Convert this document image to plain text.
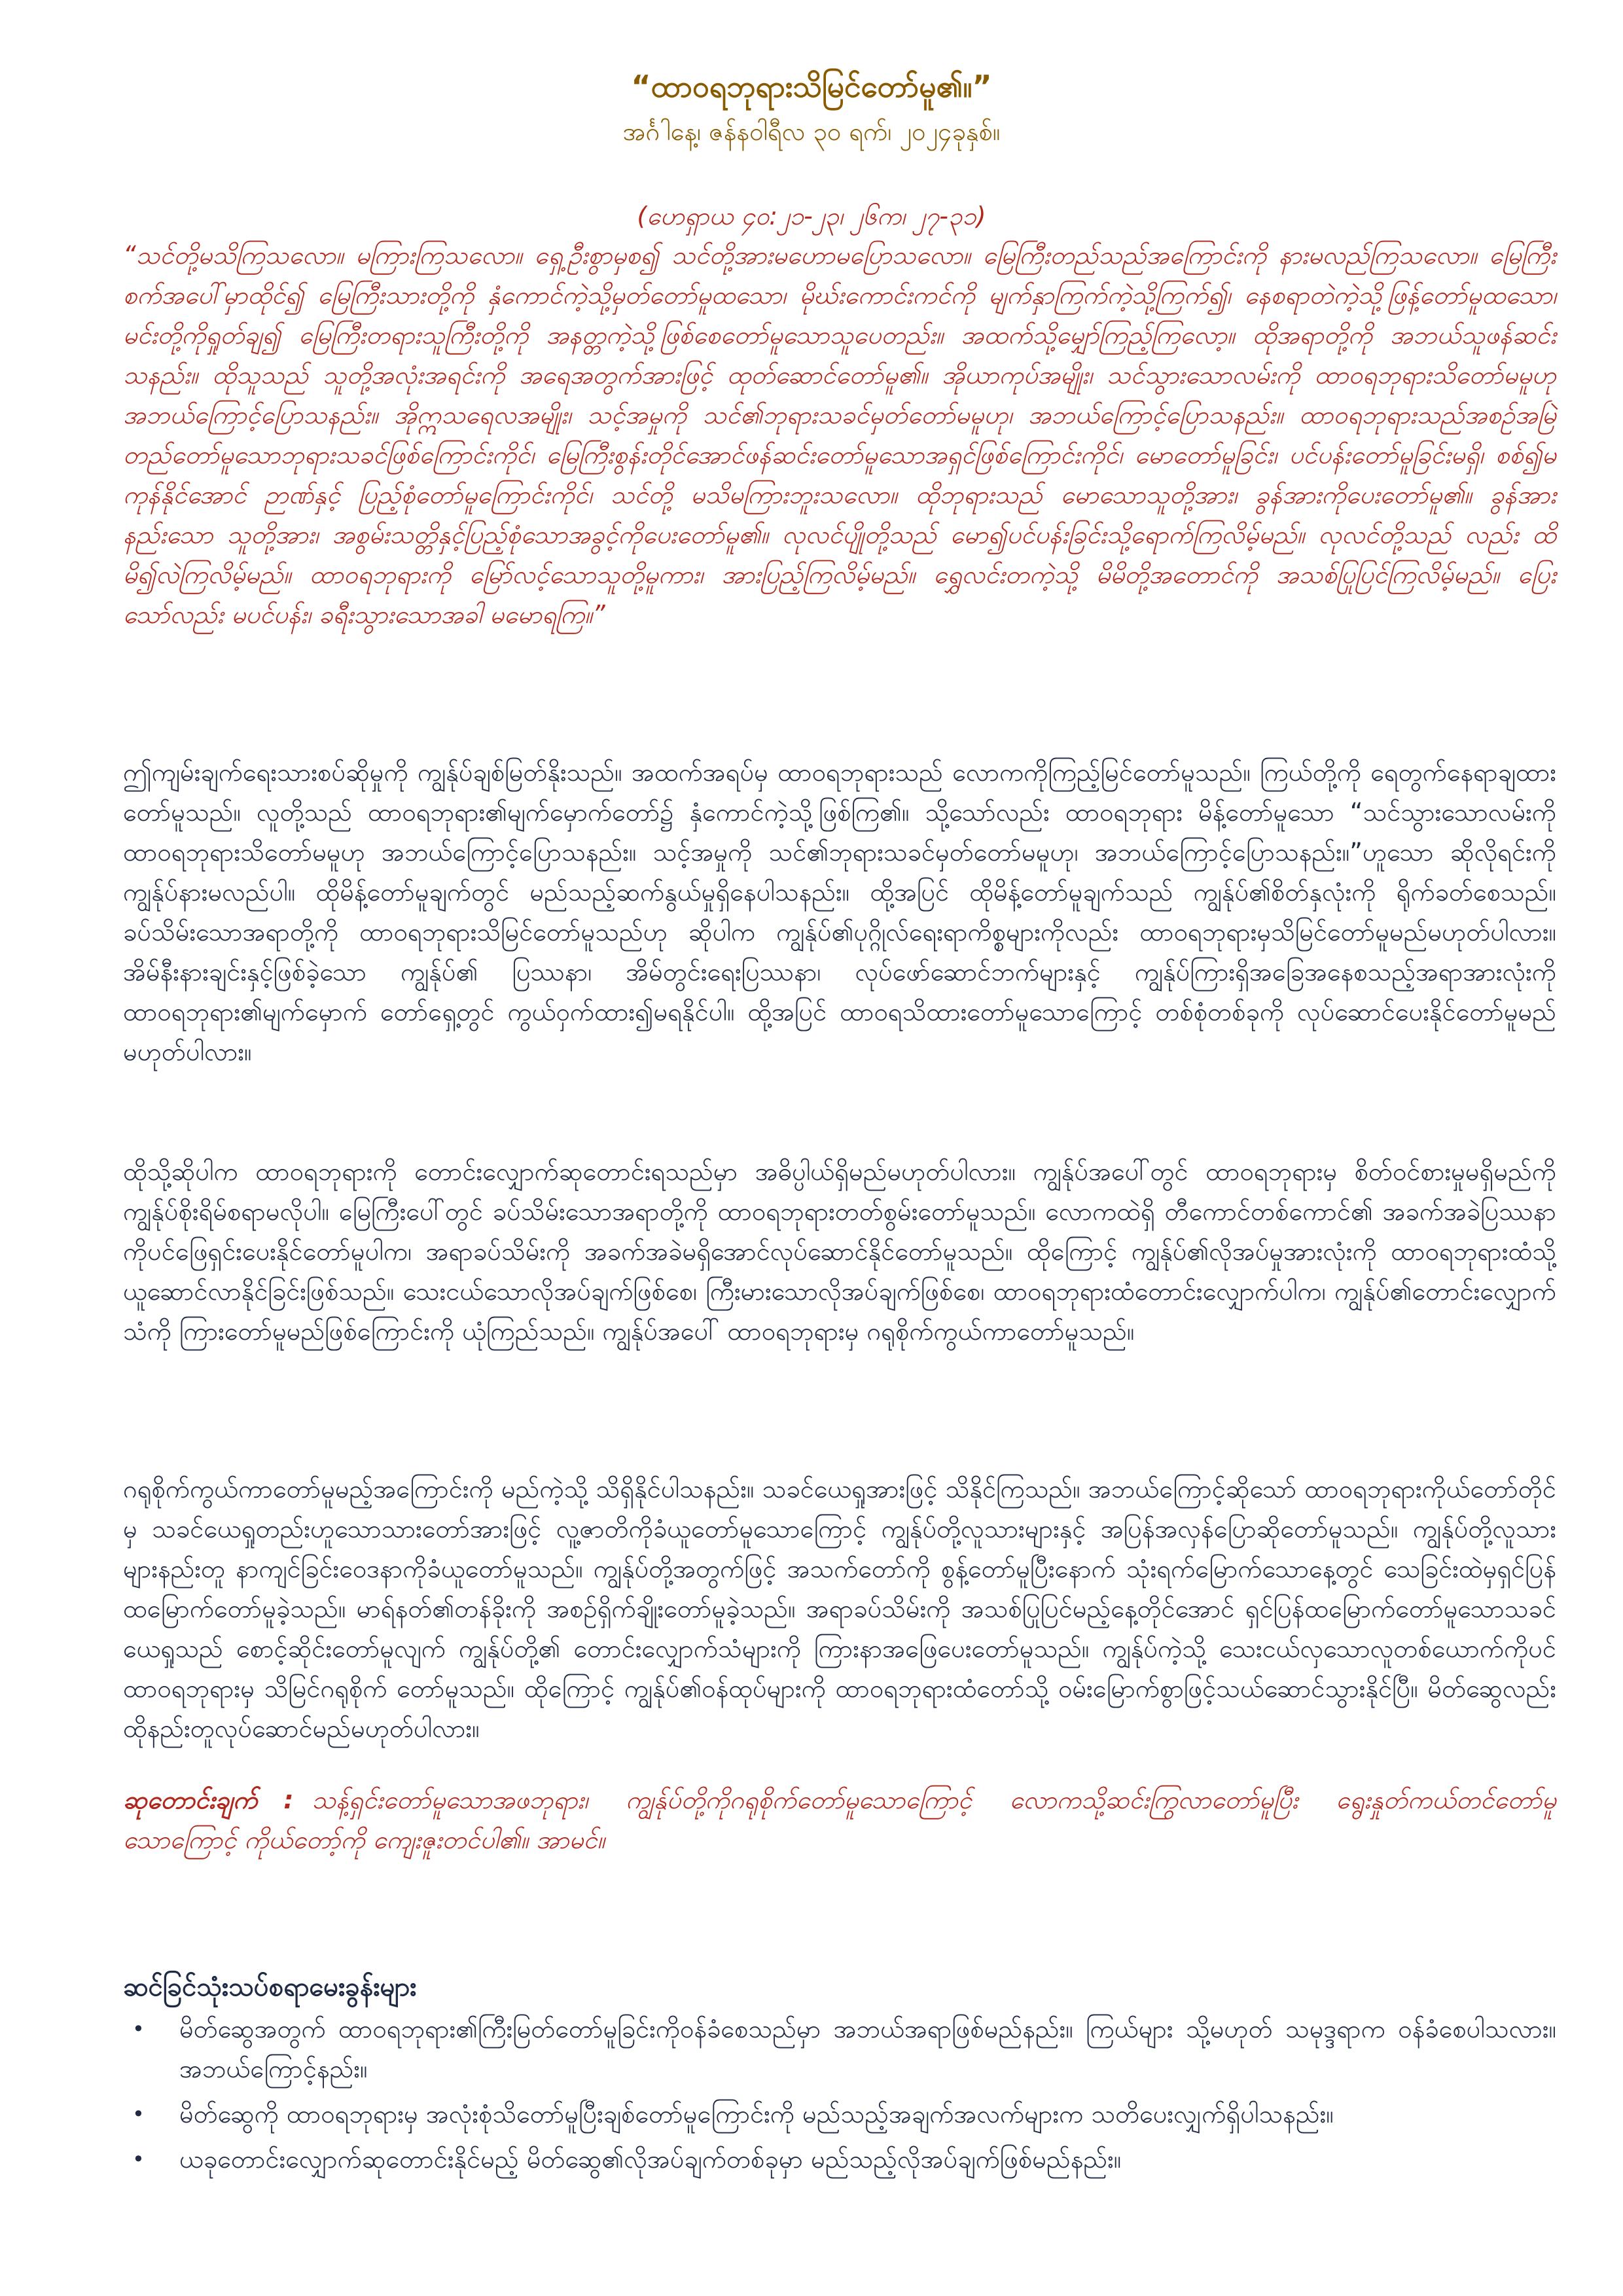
“ထာဝရဘုရားသိမြင်တော်မူ၏။”
အင်္ဂါနေ့၊ ဇန်နဝါရီလ ၃၀ ရက်၊ ၂၀၂၄ခုနှစ်။
(ဟေရှာယ ၄၀:၂၁-၂၃၊ ၂၆က၊ ၂၇-၃၁)

“သင်တို့မသိကြသလော။ မကြားကြသလော။ ရှေ့ဦးစွာမှစ၍ သင်တို့အားမဟောမပြောသလော။ မြေကြီးတည်သည်အကြောင်းကို နားမလည်ကြသလော။ မြေကြီးစက်အပေါ်မှာထိုင်၍ မြေကြီးသားတို့ကို နှံကောင်ကဲ့သို့မှတ်တော်မူထသော၊ မိုဃ်းကောင်းကင်ကို မျက်နှာကြက်ကဲ့သို့ကြက်၍၊ နေစရာတဲကဲ့သို့ဖြန့်တော်မူထသော၊ မင်းတို့ကိုရှုတ်ချ၍ မြေကြီးတရားသူကြီးတို့ကို အနတ္တကဲ့သို့ဖြစ်စေတော်မူသောသူပေတည်း။ အထက်သို့မျှော်ကြည့်ကြလော့။ ထိုအရာတို့ကို အဘယ်သူဖန်ဆင်းသနည်း။ ထိုသူသည် သူတို့အလုံးအရင်းကို အရေအတွက်အားဖြင့် ထုတ်ဆောင်တော်မူ၏။ အိုယာကုပ်အမျိုး၊ သင်သွားသောလမ်းကို ထာဝရဘုရားသိတော်မမူဟု အဘယ်ကြောင့်ပြောသနည်း။ အိုဣသရေလအမျိုး၊ သင့်အမှုကို သင်၏ဘုရားသခင်မှတ်တော်မမူဟု၊ အဘယ်ကြောင့်ပြောသနည်း။ ထာဝရဘုရားသည်အစဉ်အမြဲ တည်တော်မူသောဘုရားသခင်ဖြစ်ကြောင်းကိုင်၊ မြေကြီးစွန်းတိုင်အောင်ဖန်ဆင်းတော်မူသောအရှင်ဖြစ်ကြောင်းကိုင်၊ မောတော်မူခြင်း၊ ပင်ပန်းတော်မူခြင်းမရှိ၊ စစ်၍မကုန်နိုင်အောင် ဉာဏ်နှင့် ပြည့်စုံတော်မူကြောင်းကိုင်၊ သင်တို့ မသိမကြားဘူးသလော။ ထိုဘုရားသည် မောသောသူတို့အား၊ ခွန်အားကိုပေးတော်မူ၏။ ခွန်အားနည်းသော သူတို့အား၊ အစွမ်းသတ္တိနှင့်ပြည့်စုံသောအခွင့်ကိုပေးတော်မူ၏။ လုလင်ပျိုတို့သည် မော၍ပင်ပန်းခြင်းသို့ရောက်ကြလိမ့်မည်။ လုလင်တို့သည် လည်း ထိမိ၍လဲကြလိမ့်မည်။ ထာဝရဘုရားကို မြော်လင့်သောသူတို့မူကား၊ အားပြည့်ကြလိမ့်မည်။ ရွှေလင်းတကဲ့သို့ မိမိတို့အတောင်ကို အသစ်ပြုပြင်ကြလိမ့်မည်။ ပြေးသော်လည်း မပင်ပန်း၊ ခရီးသွားသောအခါ မမောရကြ။”

ဤကျမ်းချက်ရေးသားစပ်ဆိုမှုကို ကျွန်ုပ်ချစ်မြတ်နိုးသည်။ အထက်အရပ်မှ ထာဝရဘုရားသည် လောကကိုကြည့်မြင်တော်မူသည်။ ကြယ်တို့ကို ရေတွက်နေရာချထားတော်မူသည်။ လူတို့သည် ထာဝရဘုရား၏မျက်မှောက်တော်၌ နှံကောင်ကဲ့သို့ဖြစ်ကြ၏။ သို့သော်လည်း ထာဝရဘုရား မိန့်တော်မူသော “သင်သွားသောလမ်းကို ထာဝရဘုရားသိတော်မမူဟု အဘယ်ကြောင့်ပြောသနည်း။ သင့်အမှုကို သင်၏ဘုရားသခင်မှတ်တော်မမူဟု၊ အဘယ်ကြောင့်ပြောသနည်း။”ဟူသော ဆိုလိုရင်းကို ကျွန်ုပ်နားမလည်ပါ။ ထိုမိန့်တော်မူချက်တွင် မည်သည့်ဆက်နွယ်မှုရှိနေပါသနည်း။ ထို့အပြင် ထိုမိန့်တော်မူချက်သည် ကျွန်ုပ်၏စိတ်နှလုံးကို ရိုက်ခတ်စေသည်။ ခပ်သိမ်းသောအရာတို့ကို ထာဝရဘုရားသိမြင်တော်မူသည်ဟု ဆိုပါက ကျွန်ုပ်၏ပုဂ္ဂိုလ်ရေးရာကိစ္စများကိုလည်း ထာဝရဘုရားမှသိမြင်တော်မူမည်မဟုတ်ပါလား။ အိမ်နီးနားချင်းနှင့်ဖြစ်ခဲ့သော ကျွန်ုပ်၏ ပြဿနာ၊ အိမ်တွင်းရေးပြဿနာ၊ လုပ်ဖော်ဆောင်ဘက်များနှင့် ကျွန်ုပ်ကြားရှိအခြေအနေစသည့်အရာအားလုံးကို ထာဝရဘုရား၏မျက်မှောက် တော်ရှေ့တွင် ကွယ်ဝှက်ထား၍မရနိုင်ပါ။ ထို့အပြင် ထာဝရသိထားတော်မူသောကြောင့် တစ်စုံတစ်ခုကို လုပ်ဆောင်ပေးနိုင်တော်မူမည် မဟုတ်ပါလား။

ထိုသို့ဆိုပါက ထာဝရဘုရားကို တောင်းလျှောက်ဆုတောင်းရသည်မှာ အဓိပ္ပါယ်ရှိမည်မဟုတ်ပါလား။ ကျွန်ုပ်အပေါ်တွင် ထာဝရဘုရားမှ စိတ်ဝင်စားမှုမရှိမည်ကို ကျွန်ုပ်စိုးရိမ်စရာမလိုပါ။ မြေကြီးပေါ်တွင် ခပ်သိမ်းသောအရာတို့ကို ထာဝရဘုရားတတ်စွမ်းတော်မူသည်။ လောကထဲရှိ တီကောင်တစ်ကောင်၏ အခက်အခဲပြဿနာကိုပင်ဖြေရှင်းပေးနိုင်တော်မူပါက၊ အရာခပ်သိမ်းကို အခက်အခဲမရှိအောင်လုပ်ဆောင်နိုင်တော်မူသည်။ ထိုကြောင့် ကျွန်ုပ်၏လိုအပ်မှုအားလုံးကို ထာဝရဘုရားထံသို့ယူဆောင်လာနိုင်ခြင်းဖြစ်သည်။ သေးငယ်သောလိုအပ်ချက်ဖြစ်စေ၊ ကြီးမားသောလိုအပ်ချက်ဖြစ်စေ၊ ထာဝရဘုရားထံတောင်းလျှောက်ပါက၊ ကျွန်ုပ်၏တောင်းလျှောက်သံကို ကြားတော်မူမည်ဖြစ်ကြောင်းကို ယုံကြည်သည်။ ကျွန်ုပ်အပေါ် ထာဝရဘုရားမှ ဂရုစိုက်ကွယ်ကာတော်မူသည်။

ဂရုစိုက်ကွယ်ကာတော်မူမည့်အကြောင်းကို မည်ကဲ့သို့ သိရှိနိုင်ပါသနည်း။ သခင်ယေရှုအားဖြင့် သိနိုင်ကြသည်။ အဘယ်ကြောင့်ဆိုသော် ထာဝရဘုရားကိုယ်တော်တိုင်မှ သခင်ယေရှုတည်းဟူသောသားတော်အားဖြင့် လူ့ဇာတိကိုခံယူတော်မူသောကြောင့် ကျွန်ုပ်တို့လူသားများနှင့် အပြန်အလှန်ပြောဆိုတော်မူသည်။ ကျွန်ုပ်တို့လူသားများနည်းတူ နာကျင်ခြင်းဝေဒနာကိုခံယူတော်မူသည်။ ကျွန်ုပ်တို့အတွက်ဖြင့် အသက်တော်ကို စွန့်တော်မူပြီးနောက် သုံးရက်မြောက်သောနေ့တွင် သေခြင်းထဲမှရှင်ပြန်ထမြောက်တော်မူခဲ့သည်။ မာရ်နတ်၏တန်ခိုးကို အစဉ်ရှိက်ချိုးတော်မူခဲ့သည်။ အရာခပ်သိမ်းကို အသစ်ပြုပြင်မည့်နေ့တိုင်အောင် ရှင်ပြန်ထမြောက်တော်မူသောသခင်ယေရှုသည် စောင့်ဆိုင်းတော်မူလျက် ကျွန်ုပ်တို့၏ တောင်းလျှောက်သံများကို ကြားနာအဖြေပေးတော်မူသည်။ ကျွန်ုပ်ကဲ့သို့ သေးငယ်လှသောလူတစ်ယောက်ကိုပင် ထာဝရဘုရားမှ သိမြင်ဂရုစိုက် တော်မူသည်။ ထိုကြောင့် ကျွန်ုပ်၏ဝန်ထုပ်များကို ထာဝရဘုရားထံတော်သို့ ဝမ်းမြောက်စွာဖြင့်သယ်ဆောင်သွားနိုင်ပြီ။ မိတ်ဆွေလည်း ထိုနည်းတူလုပ်ဆောင်မည်မဟုတ်ပါလား။

ဆုတောင်းချက် : သန့်ရှင်းတော်မူသောအဖဘုရား၊ ကျွန်ုပ်တို့ကိုဂရုစိုက်တော်မူသောကြောင့် လောကသို့ဆင်းကြွလာတော်မူပြီး ရွေးနှုတ်ကယ်တင်တော်မူသောကြောင့် ကိုယ်တော့်ကို ကျေးဇူးတင်ပါ၏။ အာမင်။

ဆင်ခြင်သုံးသပ်စရာမေးခွန်းများ
• မိတ်ဆွေအတွက် ထာဝရဘုရား၏ကြီးမြတ်တော်မူခြင်းကိုဝန်ခံစေသည်မှာ အဘယ်အရာဖြစ်မည်နည်း။ ကြယ်များ သို့မဟုတ် သမုဒ္ဒရာက ဝန်ခံစေပါသလား။ အဘယ်ကြောင့်နည်း။
• မိတ်ဆွေကို ထာဝရဘုရားမှ အလုံးစုံသိတော်မူပြီးချစ်တော်မူကြောင်းကို မည်သည့်အချက်အလက်များက သတိပေးလျှက်ရှိပါသနည်း။
• ယခုတောင်းလျှောက်ဆုတောင်းနိုင်မည့် မိတ်ဆွေ၏လိုအပ်ချက်တစ်ခုမှာ မည်သည့်လိုအပ်ချက်ဖြစ်မည်နည်း။
